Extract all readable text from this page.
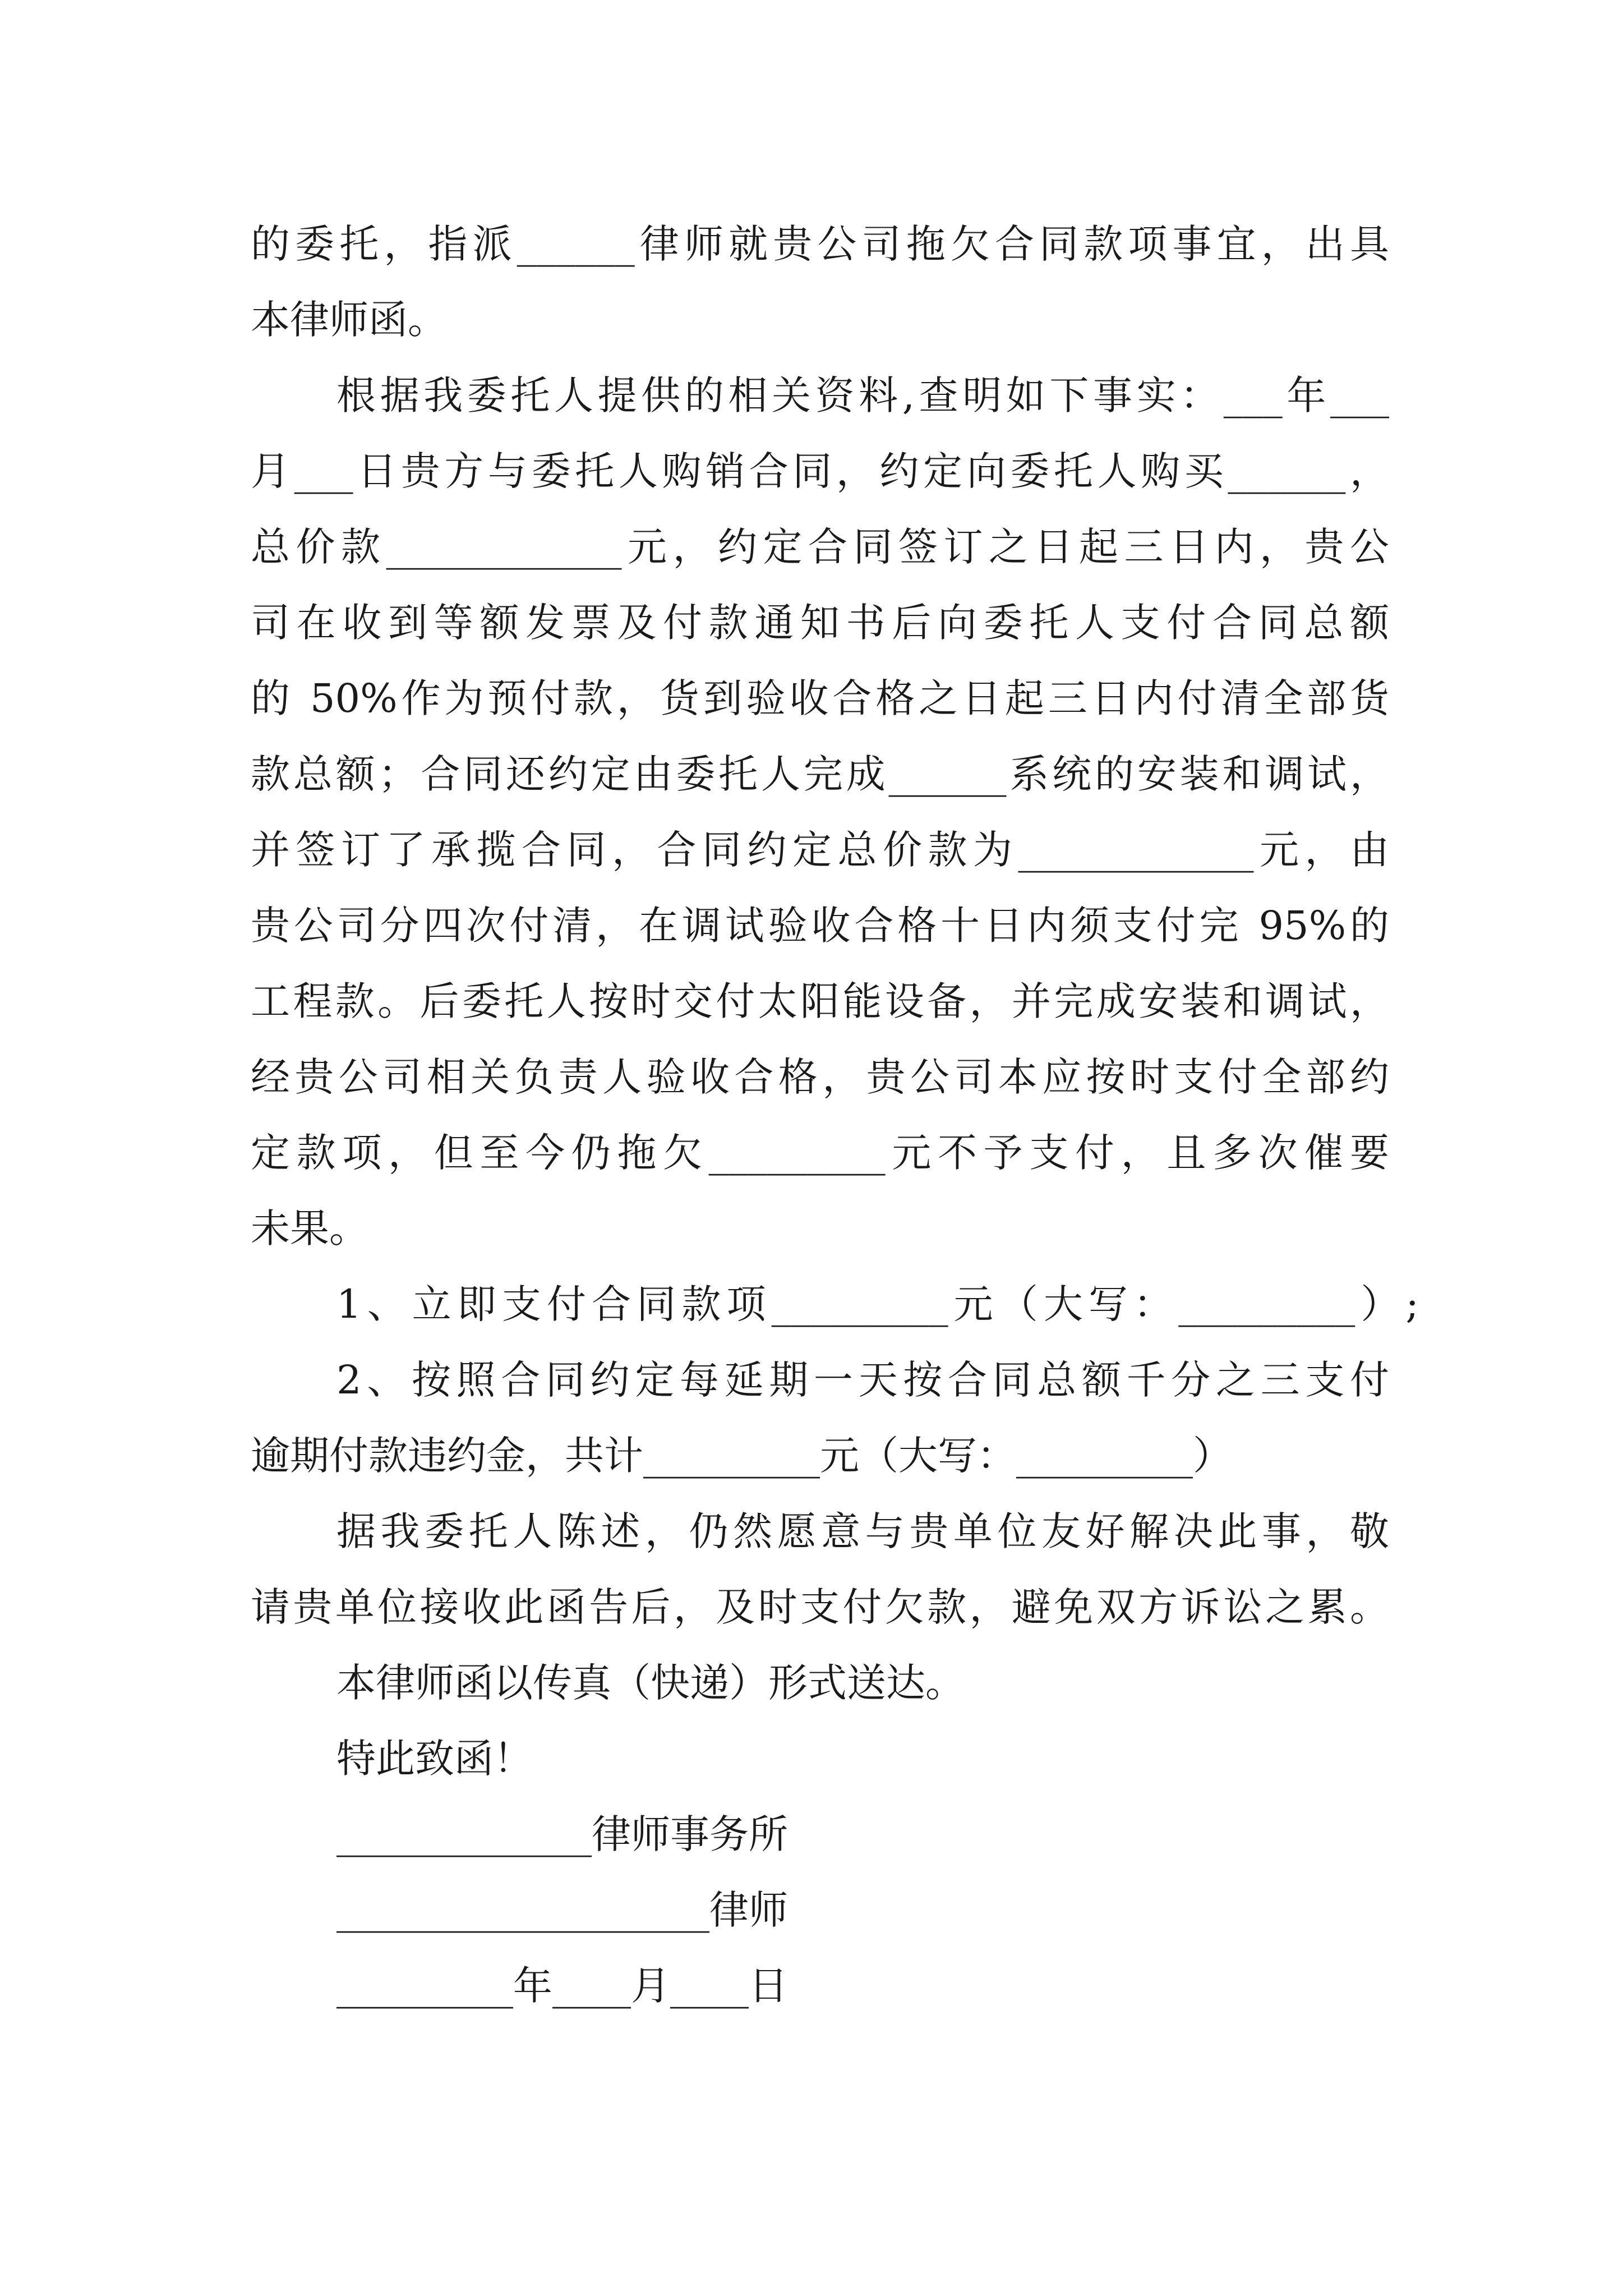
的委托，指派______律师就贵公司拖欠合同款项事宜，出具
本律师函。
根据我委托人提供的相关资料,查明如下事实：___年___
月___日贵方与委托人购销合同，约定向委托人购买______，
总价款____________元，约定合同签订之日起三日内，贵公
司在收到等额发票及付款通知书后向委托人支付合同总额
的 50%作为预付款，货到验收合格之日起三日内付清全部货
款总额；合同还约定由委托人完成______系统的安装和调试，
并签订了承揽合同，合同约定总价款为____________元，由
贵公司分四次付清，在调试验收合格十日内须支付完 95%的
工程款。后委托人按时交付太阳能设备，并完成安装和调试，
经贵公司相关负责人验收合格，贵公司本应按时支付全部约
定款项，但至今仍拖欠_________元不予支付，且多次催要
未果。
1、立即支付合同款项_________元（大写：_________）;
2、按照合同约定每延期一天按合同总额千分之三支付
逾期付款违约金，共计_________元（大写：_________）
据我委托人陈述，仍然愿意与贵单位友好解决此事，敬
请贵单位接收此函告后，及时支付欠款，避免双方诉讼之累。
本律师函以传真（快递）形式送达。
特此致函！
_____________律师事务所
___________________律师
_________年____月____日
